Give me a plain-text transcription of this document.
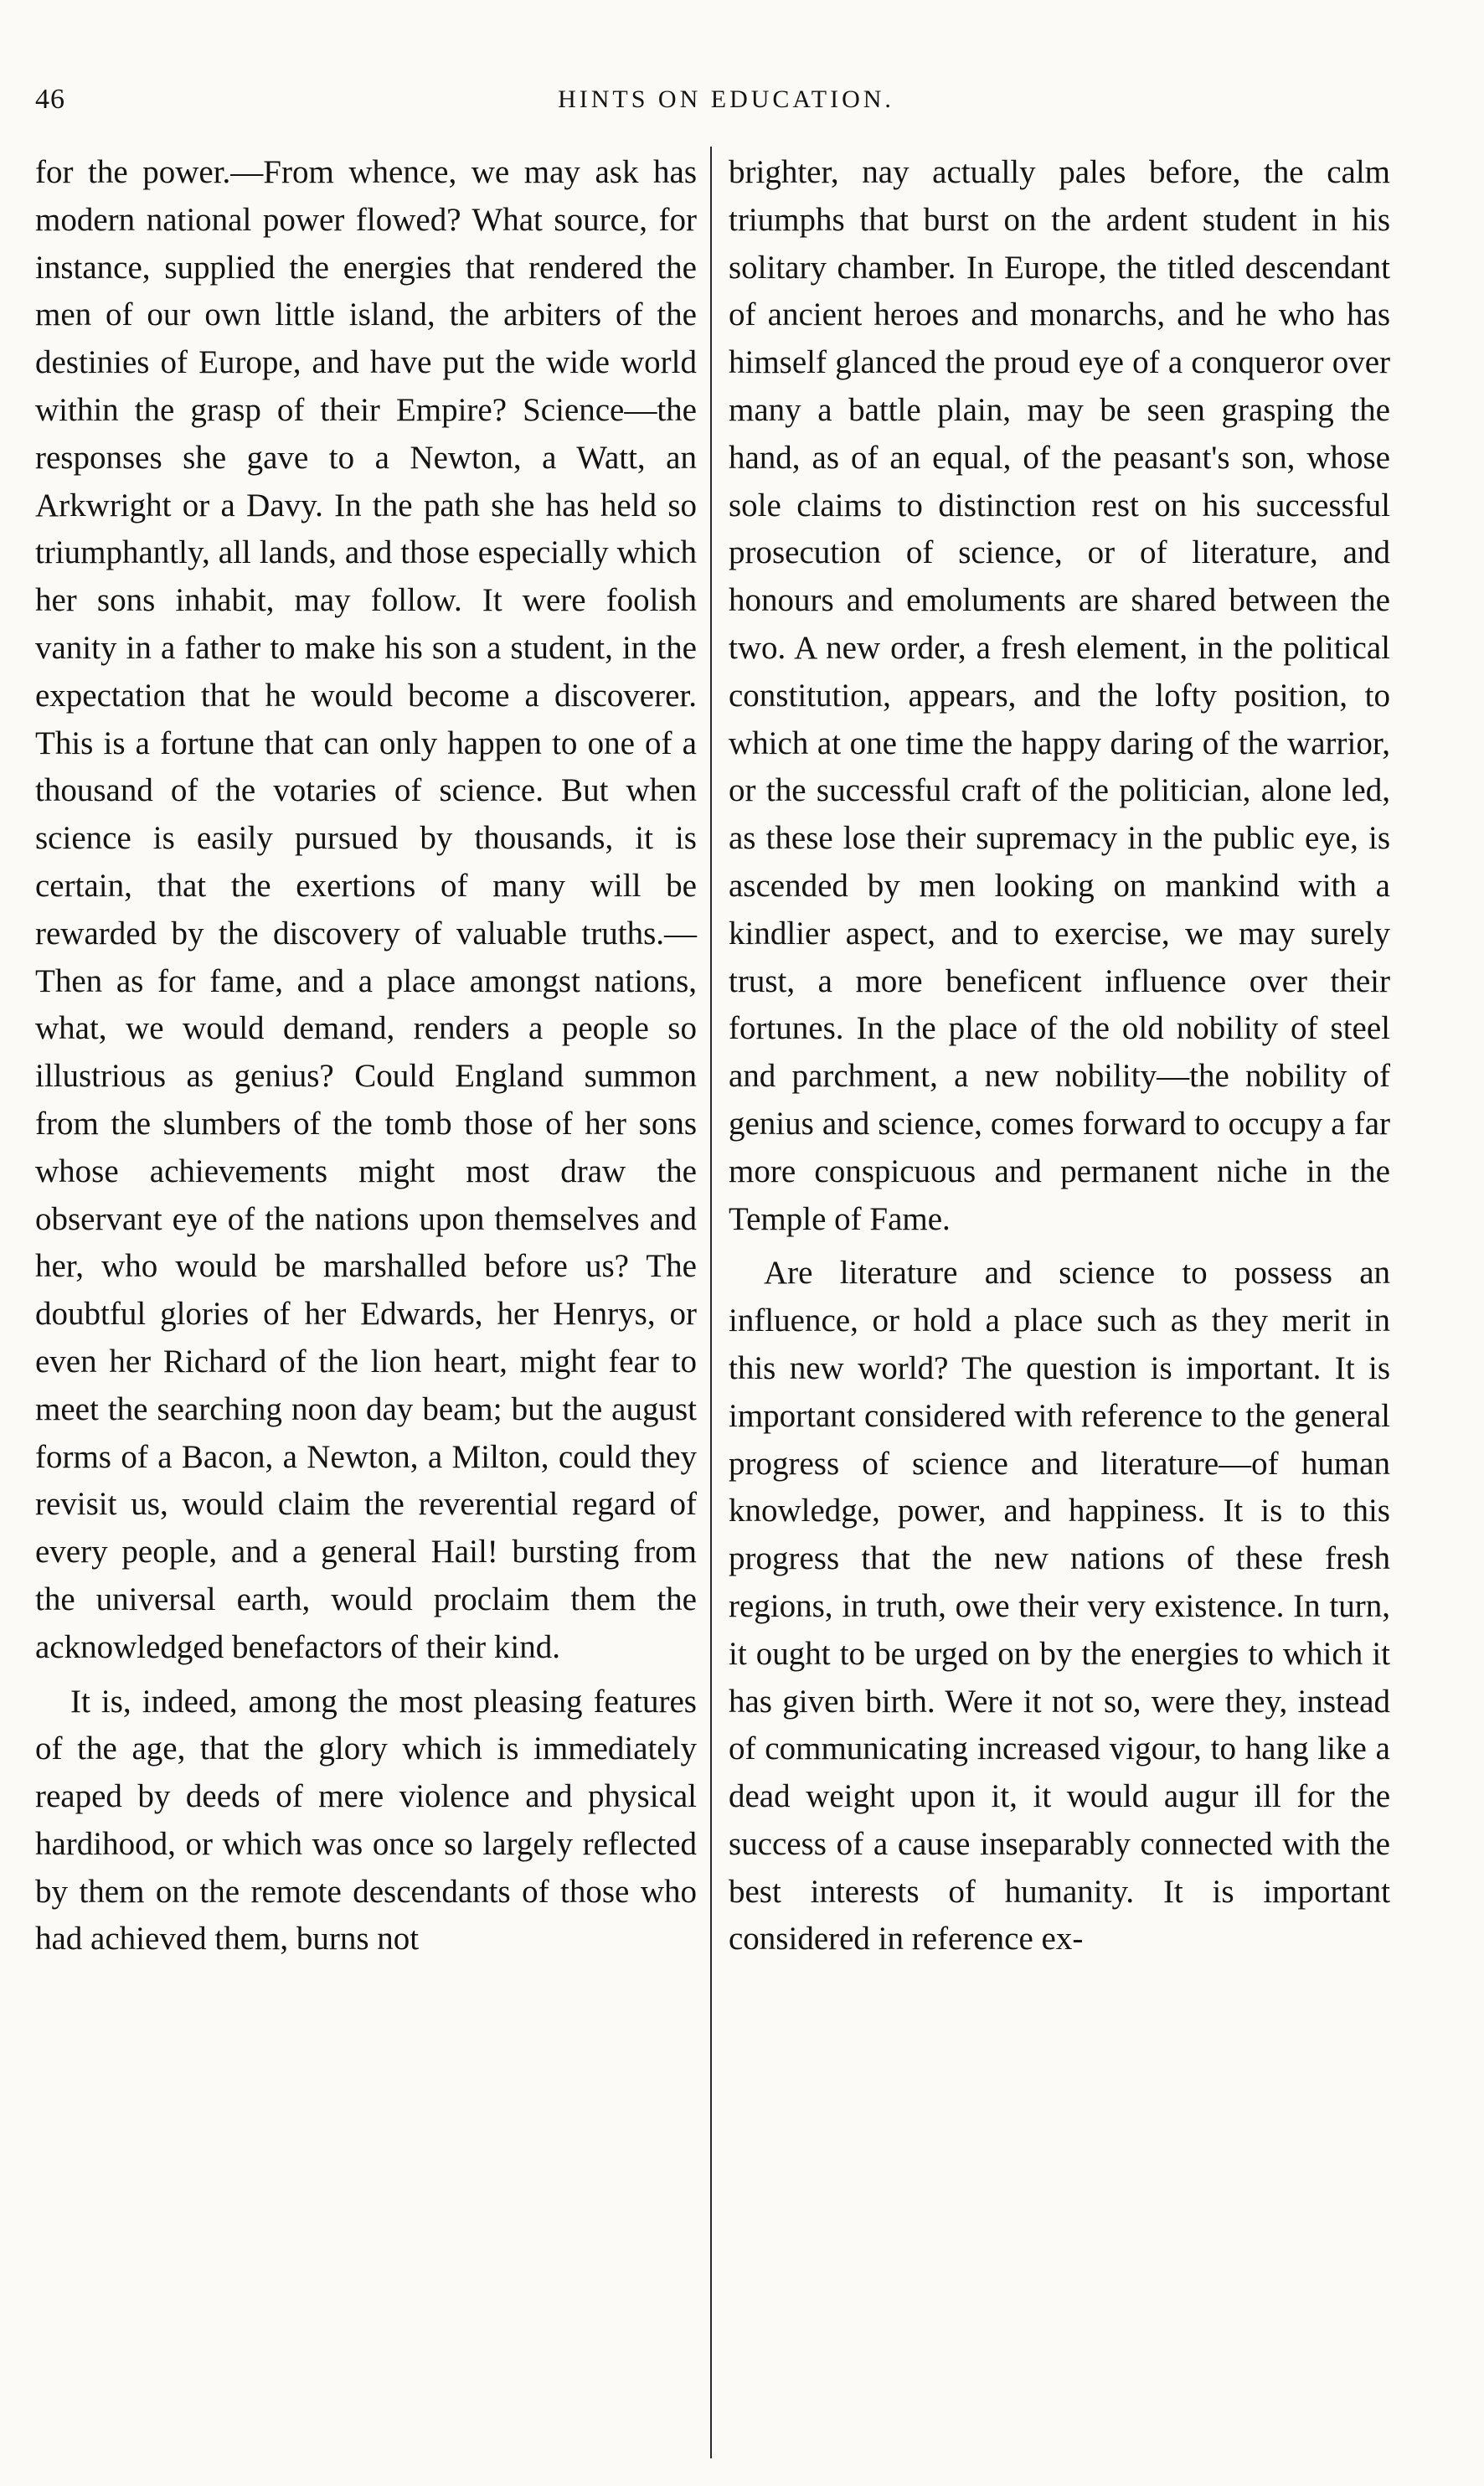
46	HINTS ON EDUCATION.

for the power.—From whence, we may ask has modern national power flowed? What source, for instance, supplied the energies that rendered the men of our own little island, the arbiters of the destinies of Europe, and have put the wide world within the grasp of their Empire? Science—the responses she gave to a Newton, a Watt, an Arkwright or a Davy. In the path she has held so triumphantly, all lands, and those especially which her sons inhabit, may follow. It were foolish vanity in a father to make his son a student, in the expectation that he would become a discoverer. This is a fortune that can only happen to one of a thousand of the votaries of science. But when science is easily pursued by thousands, it is certain, that the exertions of many will be rewarded by the discovery of valuable truths.—Then as for fame, and a place amongst nations, what, we would demand, renders a people so illustrious as genius? Could England summon from the slumbers of the tomb those of her sons whose achievements might most draw the observant eye of the nations upon themselves and her, who would be marshalled before us? The doubtful glories of her Edwards, her Henrys, or even her Richard of the lion heart, might fear to meet the searching noon day beam; but the august forms of a Bacon, a Newton, a Milton, could they revisit us, would claim the reverential regard of every people, and a general Hail! bursting from the universal earth, would proclaim them the acknowledged benefactors of their kind.

It is, indeed, among the most pleasing features of the age, that the glory which is immediately reaped by deeds of mere violence and physical hardihood, or which was once so largely reflected by them on the remote descendants of those who had achieved them, burns not

brighter, nay actually pales before, the calm triumphs that burst on the ardent student in his solitary chamber. In Europe, the titled descendant of ancient heroes and monarchs, and he who has himself glanced the proud eye of a conqueror over many a battle plain, may be seen grasping the hand, as of an equal, of the peasant's son, whose sole claims to distinction rest on his successful prosecution of science, or of literature, and honours and emoluments are shared between the two. A new order, a fresh element, in the political constitution, appears, and the lofty position, to which at one time the happy daring of the warrior, or the successful craft of the politician, alone led, as these lose their supremacy in the public eye, is ascended by men looking on mankind with a kindlier aspect, and to exercise, we may surely trust, a more beneficent influence over their fortunes. In the place of the old nobility of steel and parchment, a new nobility—the nobility of genius and science, comes forward to occupy a far more conspicuous and permanent niche in the Temple of Fame.

Are literature and science to possess an influence, or hold a place such as they merit in this new world? The question is important. It is important considered with reference to the general progress of science and literature—of human knowledge, power, and happiness. It is to this progress that the new nations of these fresh regions, in truth, owe their very existence. In turn, it ought to be urged on by the energies to which it has given birth. Were it not so, were they, instead of communicating increased vigour, to hang like a dead weight upon it, it would augur ill for the success of a cause inseparably connected with the best interests of humanity. It is important considered in reference ex-
